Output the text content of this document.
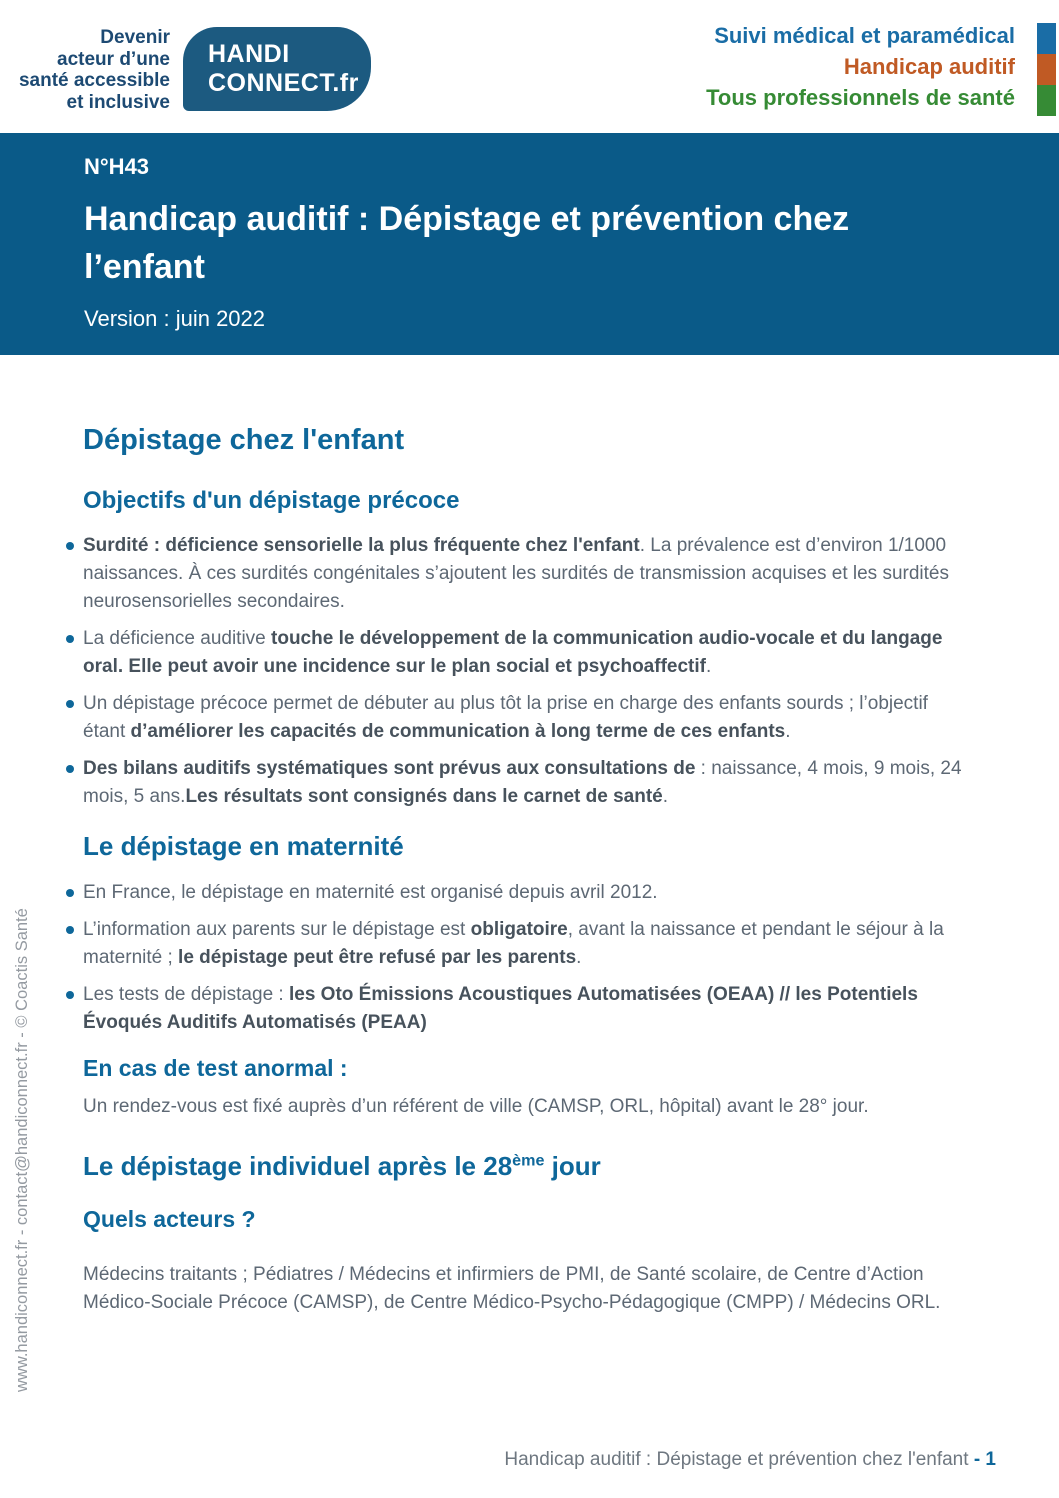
Devenir
acteur d’une
santé accessible
et inclusive
HANDI
CONNECT.fr
Suivi médical et paramédical
Handicap auditif
Tous professionnels de santé
N°H43
Handicap auditif : Dépistage et prévention chez l’enfant
Version : juin 2022
Dépistage chez l'enfant
Objectifs d'un dépistage précoce
Surdité : déficience sensorielle la plus fréquente chez l'enfant. La prévalence est d’environ 1/1000 naissances. À ces surdités congénitales s’ajoutent les surdités de transmission acquises et les surdités neurosensorielles secondaires.
La déficience auditive touche le développement de la communication audio-vocale et du langage oral. Elle peut avoir une incidence sur le plan social et psychoaffectif.
Un dépistage précoce permet de débuter au plus tôt la prise en charge des enfants sourds ; l’objectif étant d’améliorer les capacités de communication à long terme de ces enfants.
Des bilans auditifs systématiques sont prévus aux consultations de : naissance, 4 mois, 9 mois, 24 mois, 5 ans.Les résultats sont consignés dans le carnet de santé.
Le dépistage en maternité
En France, le dépistage en maternité est organisé depuis avril 2012.
L’information aux parents sur le dépistage est obligatoire, avant la naissance et pendant le séjour à la maternité ; le dépistage peut être refusé par les parents.
Les tests de dépistage : les Oto Émissions Acoustiques Automatisées (OEAA) // les Potentiels Évoqués Auditifs Automatisés (PEAA)
En cas de test anormal :
Un rendez-vous est fixé auprès d’un référent de ville (CAMSP, ORL, hôpital) avant le 28° jour.
Le dépistage individuel après le 28ème jour
Quels acteurs ?
Médecins traitants ; Pédiatres / Médecins et infirmiers de PMI, de Santé scolaire, de Centre d’Action Médico-Sociale Précoce (CAMSP), de Centre Médico-Psycho-Pédagogique (CMPP) / Médecins ORL.
www.handiconnect.fr - contact@handiconnect.fr - © Coactis Santé
Handicap auditif : Dépistage et prévention chez l'enfant - 1
